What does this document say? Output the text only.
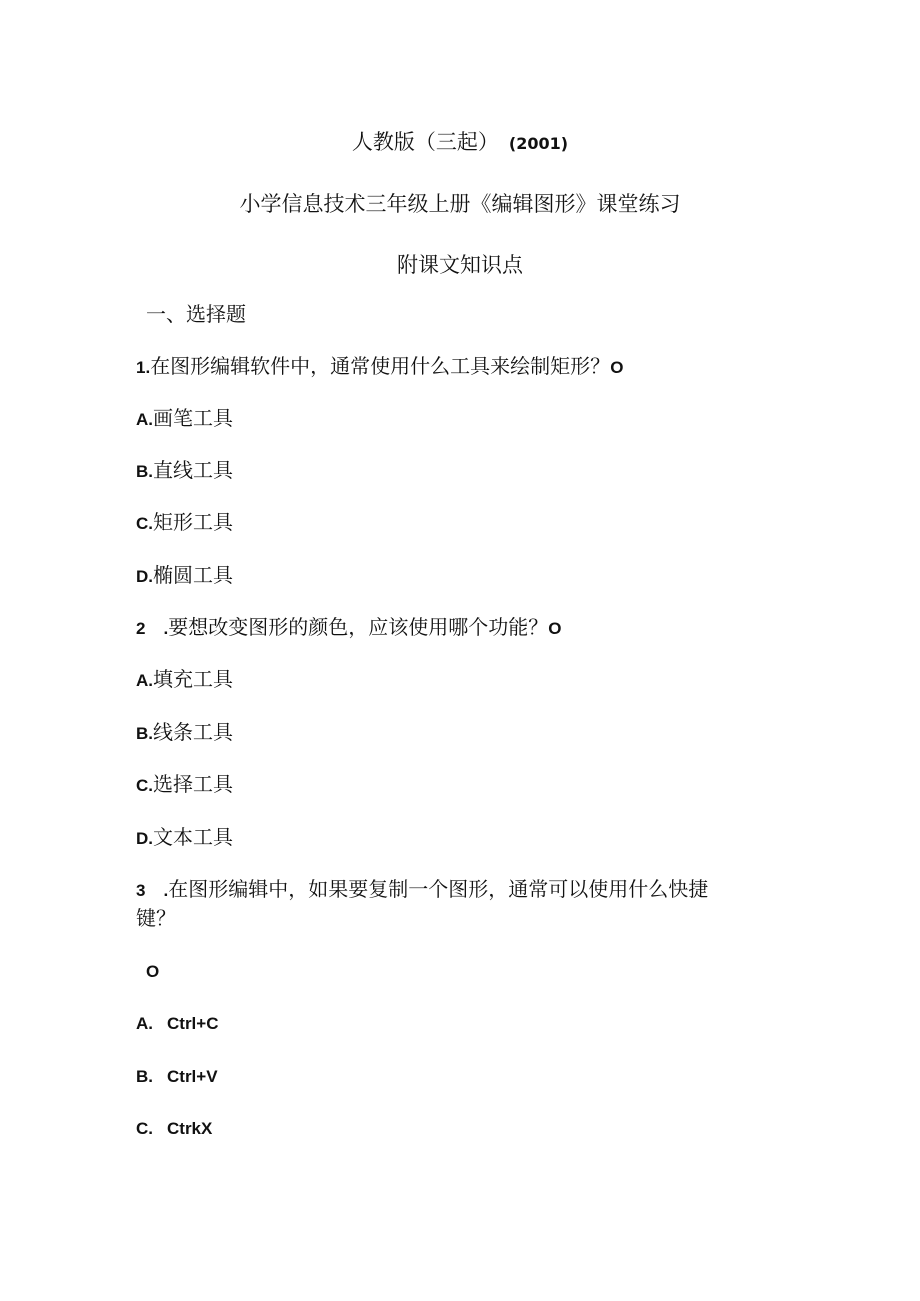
人教版（三起） (2001)
小学信息技术三年级上册《编辑图形》课堂练习
附课文知识点

一、选择题

1.在图形编辑软件中，通常使用什么工具来绘制矩形？O

A.画笔工具

B.直线工具

C.矩形工具

D.椭圆工具

2 .要想改变图形的颜色，应该使用哪个功能？O

A.填充工具

B.线条工具

C.选择工具

D.文本工具

3 .在图形编辑中，如果要复制一个图形，通常可以使用什么快捷

键？

O

A. Ctrl+C

B. Ctrl+V

C. CtrkX
